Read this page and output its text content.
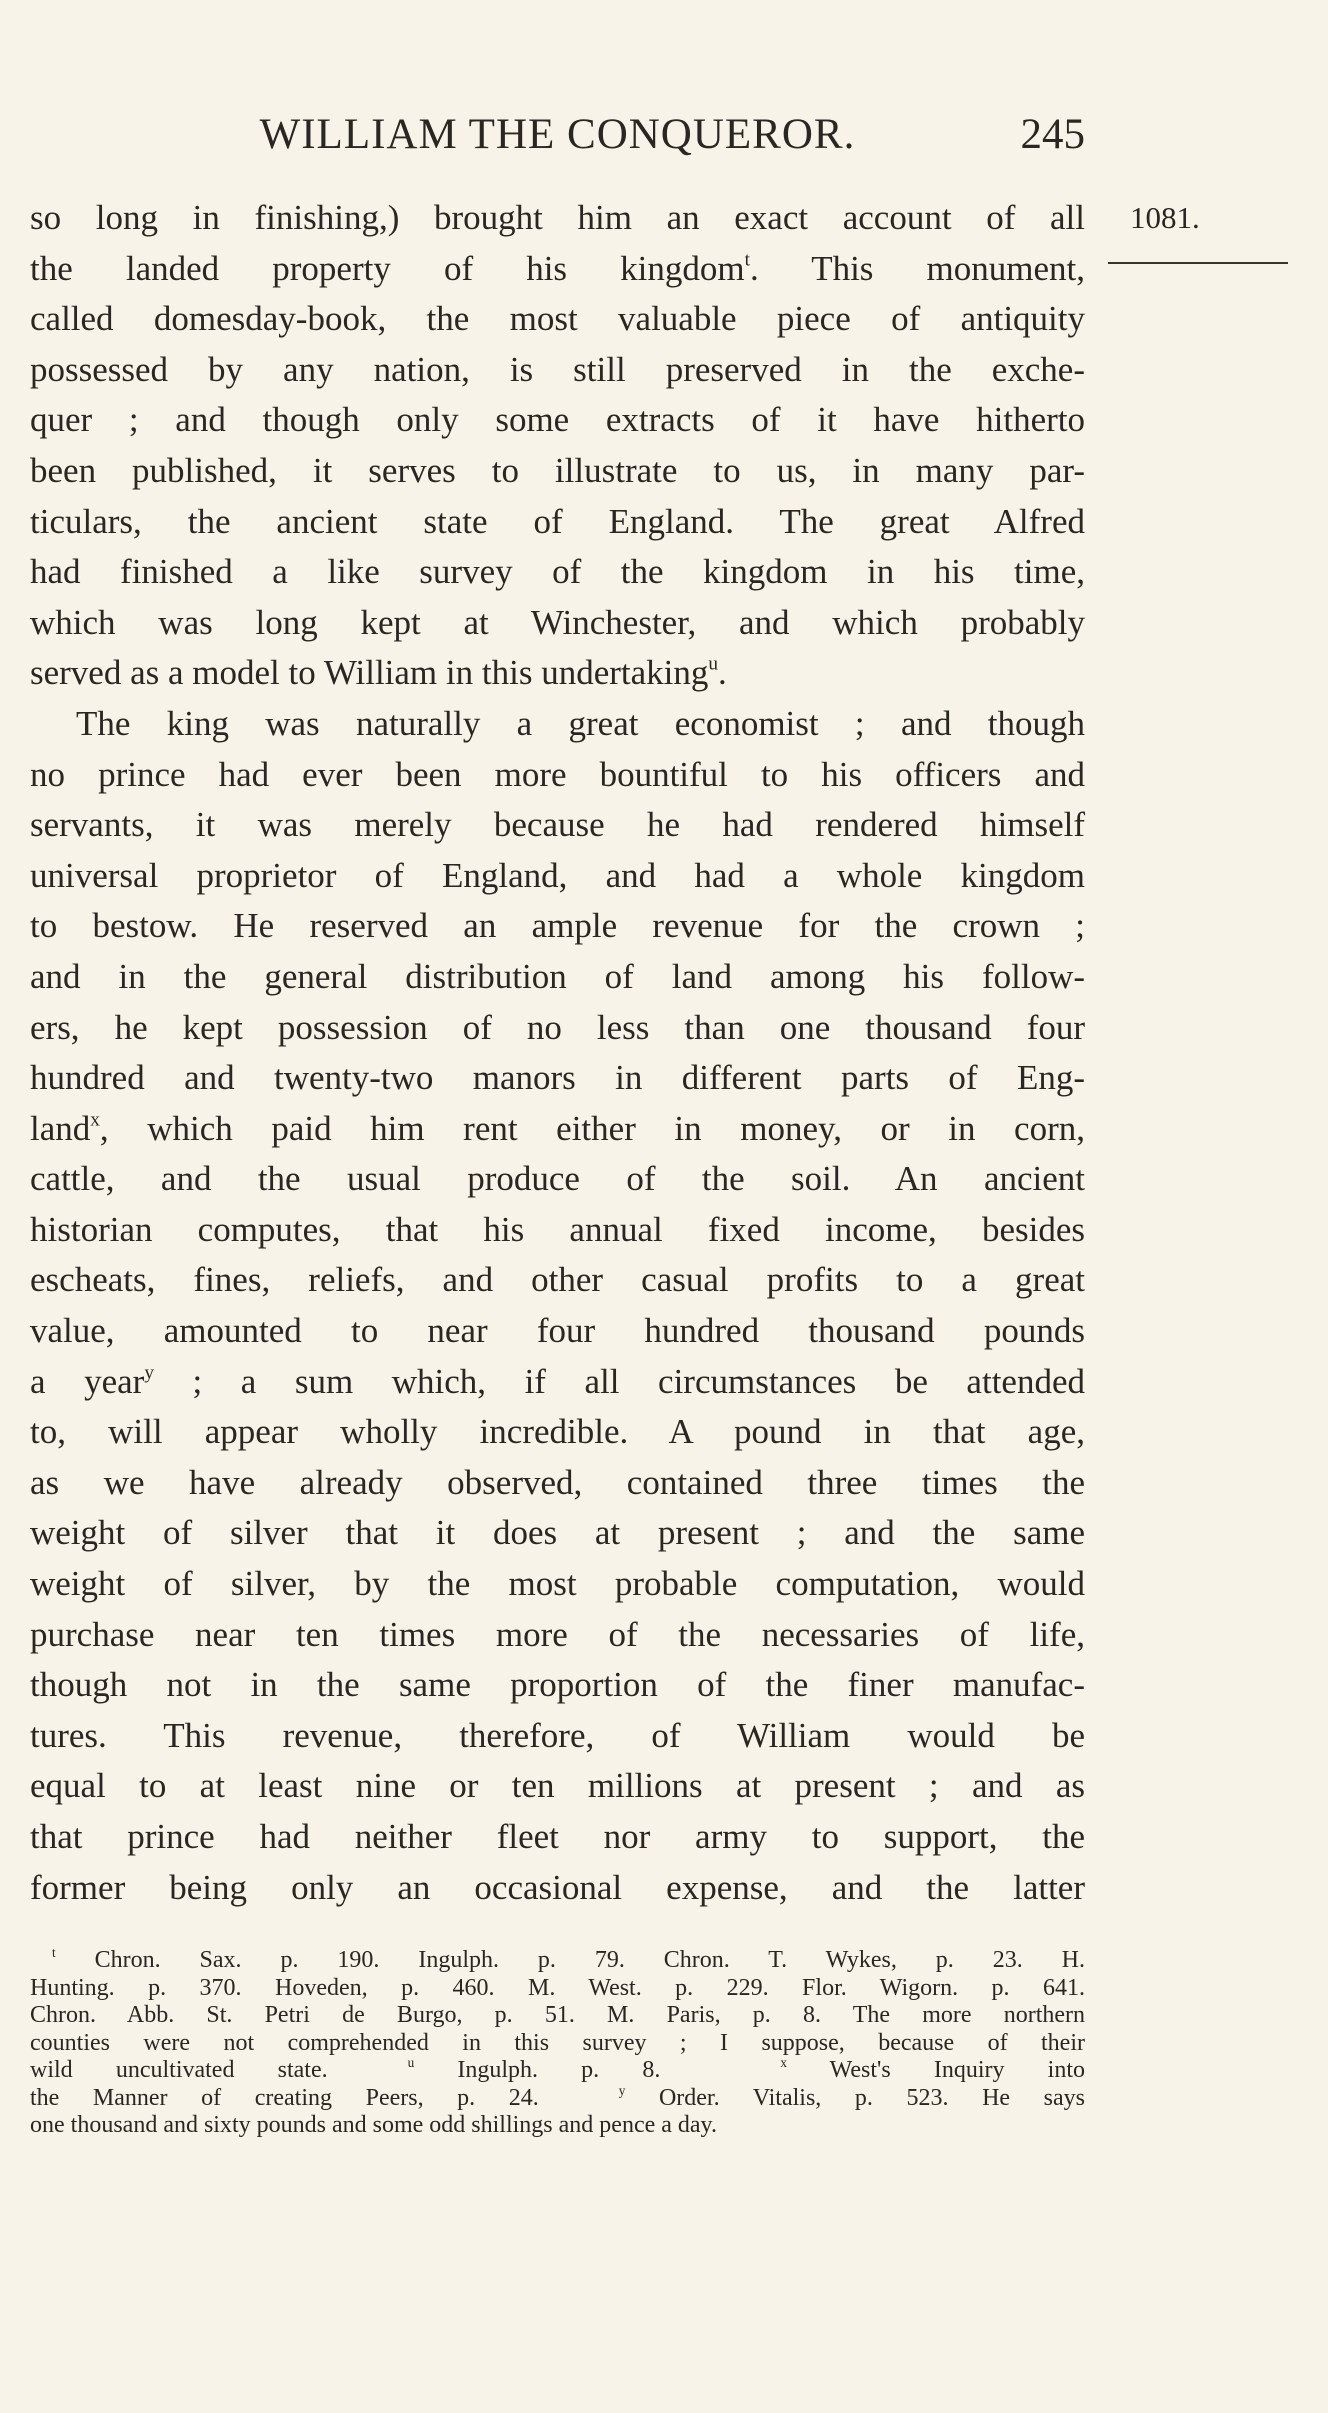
WILLIAM THE CONQUEROR.	245
1081.
so long in finishing,) brought him an exact account of all
the landed property of his kingdom$^t$. This monument,
called domesday-book, the most valuable piece of antiquity
possessed by any nation, is still preserved in the exche-
quer ; and though only some extracts of it have hitherto
been published, it serves to illustrate to us, in many par-
ticulars, the ancient state of England. The great Alfred
had finished a like survey of the kingdom in his time,
which was long kept at Winchester, and which probably
served as a model to William in this undertaking$^u$.
The king was naturally a great economist ; and though
no prince had ever been more bountiful to his officers and
servants, it was merely because he had rendered himself
universal proprietor of England, and had a whole kingdom
to bestow. He reserved an ample revenue for the crown ;
and in the general distribution of land among his follow-
ers, he kept possession of no less than one thousand four
hundred and twenty-two manors in different parts of Eng-
land$^x$, which paid him rent either in money, or in corn,
cattle, and the usual produce of the soil. An ancient
historian computes, that his annual fixed income, besides
escheats, fines, reliefs, and other casual profits to a great
value, amounted to near four hundred thousand pounds
a year$^y$ ; a sum which, if all circumstances be attended
to, will appear wholly incredible. A pound in that age,
as we have already observed, contained three times the
weight of silver that it does at present ; and the same
weight of silver, by the most probable computation, would
purchase near ten times more of the necessaries of life,
though not in the same proportion of the finer manufac-
tures. This revenue, therefore, of William would be
equal to at least nine or ten millions at present ; and as
that prince had neither fleet nor army to support, the
former being only an occasional expense, and the latter
$^t$ Chron. Sax. p. 190. Ingulph. p. 79. Chron. T. Wykes, p. 23. H.
Hunting. p. 370. Hoveden, p. 460. M. West. p. 229. Flor. Wigorn. p. 641.
Chron. Abb. St. Petri de Burgo, p. 51. M. Paris, p. 8. The more northern
counties were not comprehended in this survey ; I suppose, because of their
wild uncultivated state.	$^u$ Ingulph. p. 8.	$^x$ West's Inquiry into
the Manner of creating Peers, p. 24.	$^y$ Order. Vitalis, p. 523. He says
one thousand and sixty pounds and some odd shillings and pence a day.
